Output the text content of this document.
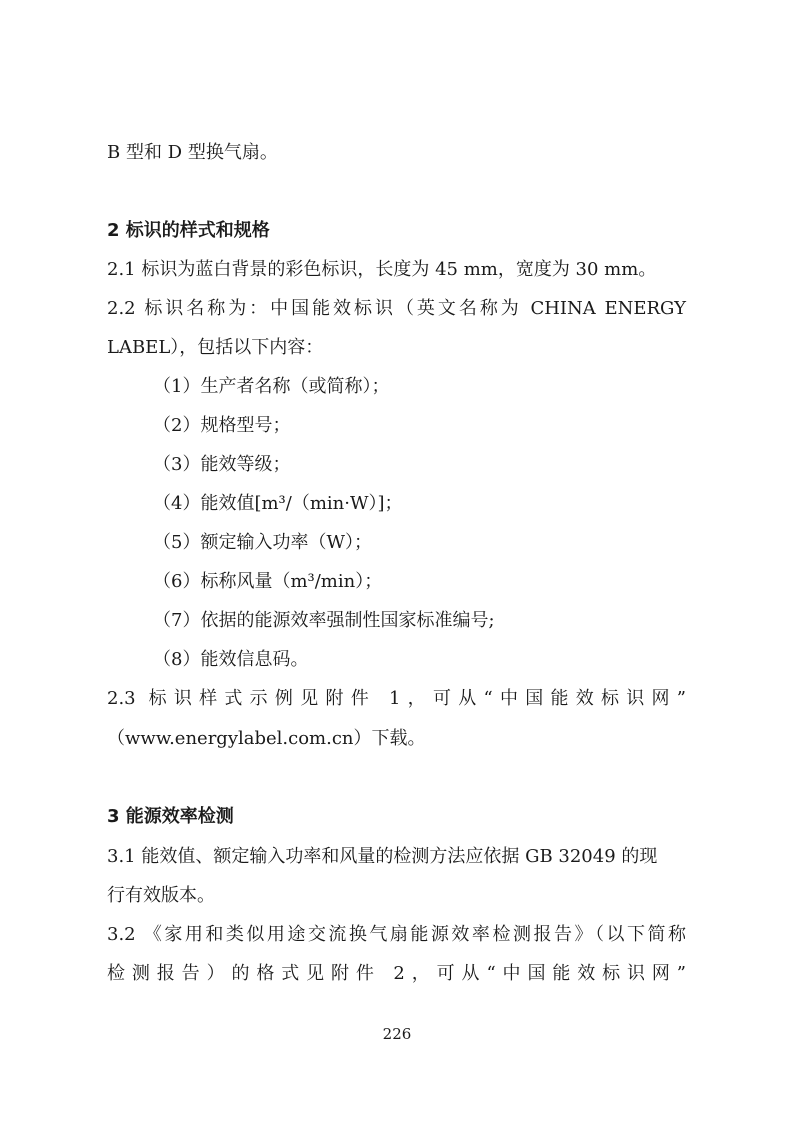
B 型和 D 型换气扇。
2 标识的样式和规格
2.1 标识为蓝白背景的彩色标识，长度为 45 mm，宽度为 30 mm。
2.2 标识名称为：中国能效标识（英文名称为 CHINA ENERGY
LABEL），包括以下内容：
（1）生产者名称（或简称）；
（2）规格型号；
（3）能效等级；
（4）能效值[m³/（min·W）]；
（5）额定输入功率（W）；
（6）标称风量（m³/min）；
（7）依据的能源效率强制性国家标准编号;
（8）能效信息码。
2.3 标识样式示例见附件 1，可从“中国能效标识网”
（www.energylabel.com.cn）下载。
3 能源效率检测
3.1 能效值、额定输入功率和风量的检测方法应依据 GB 32049 的现
行有效版本。
3.2 《家用和类似用途交流换气扇能源效率检测报告》（以下简称
检测报告）的格式见附件 2，可从“中国能效标识网”
226
